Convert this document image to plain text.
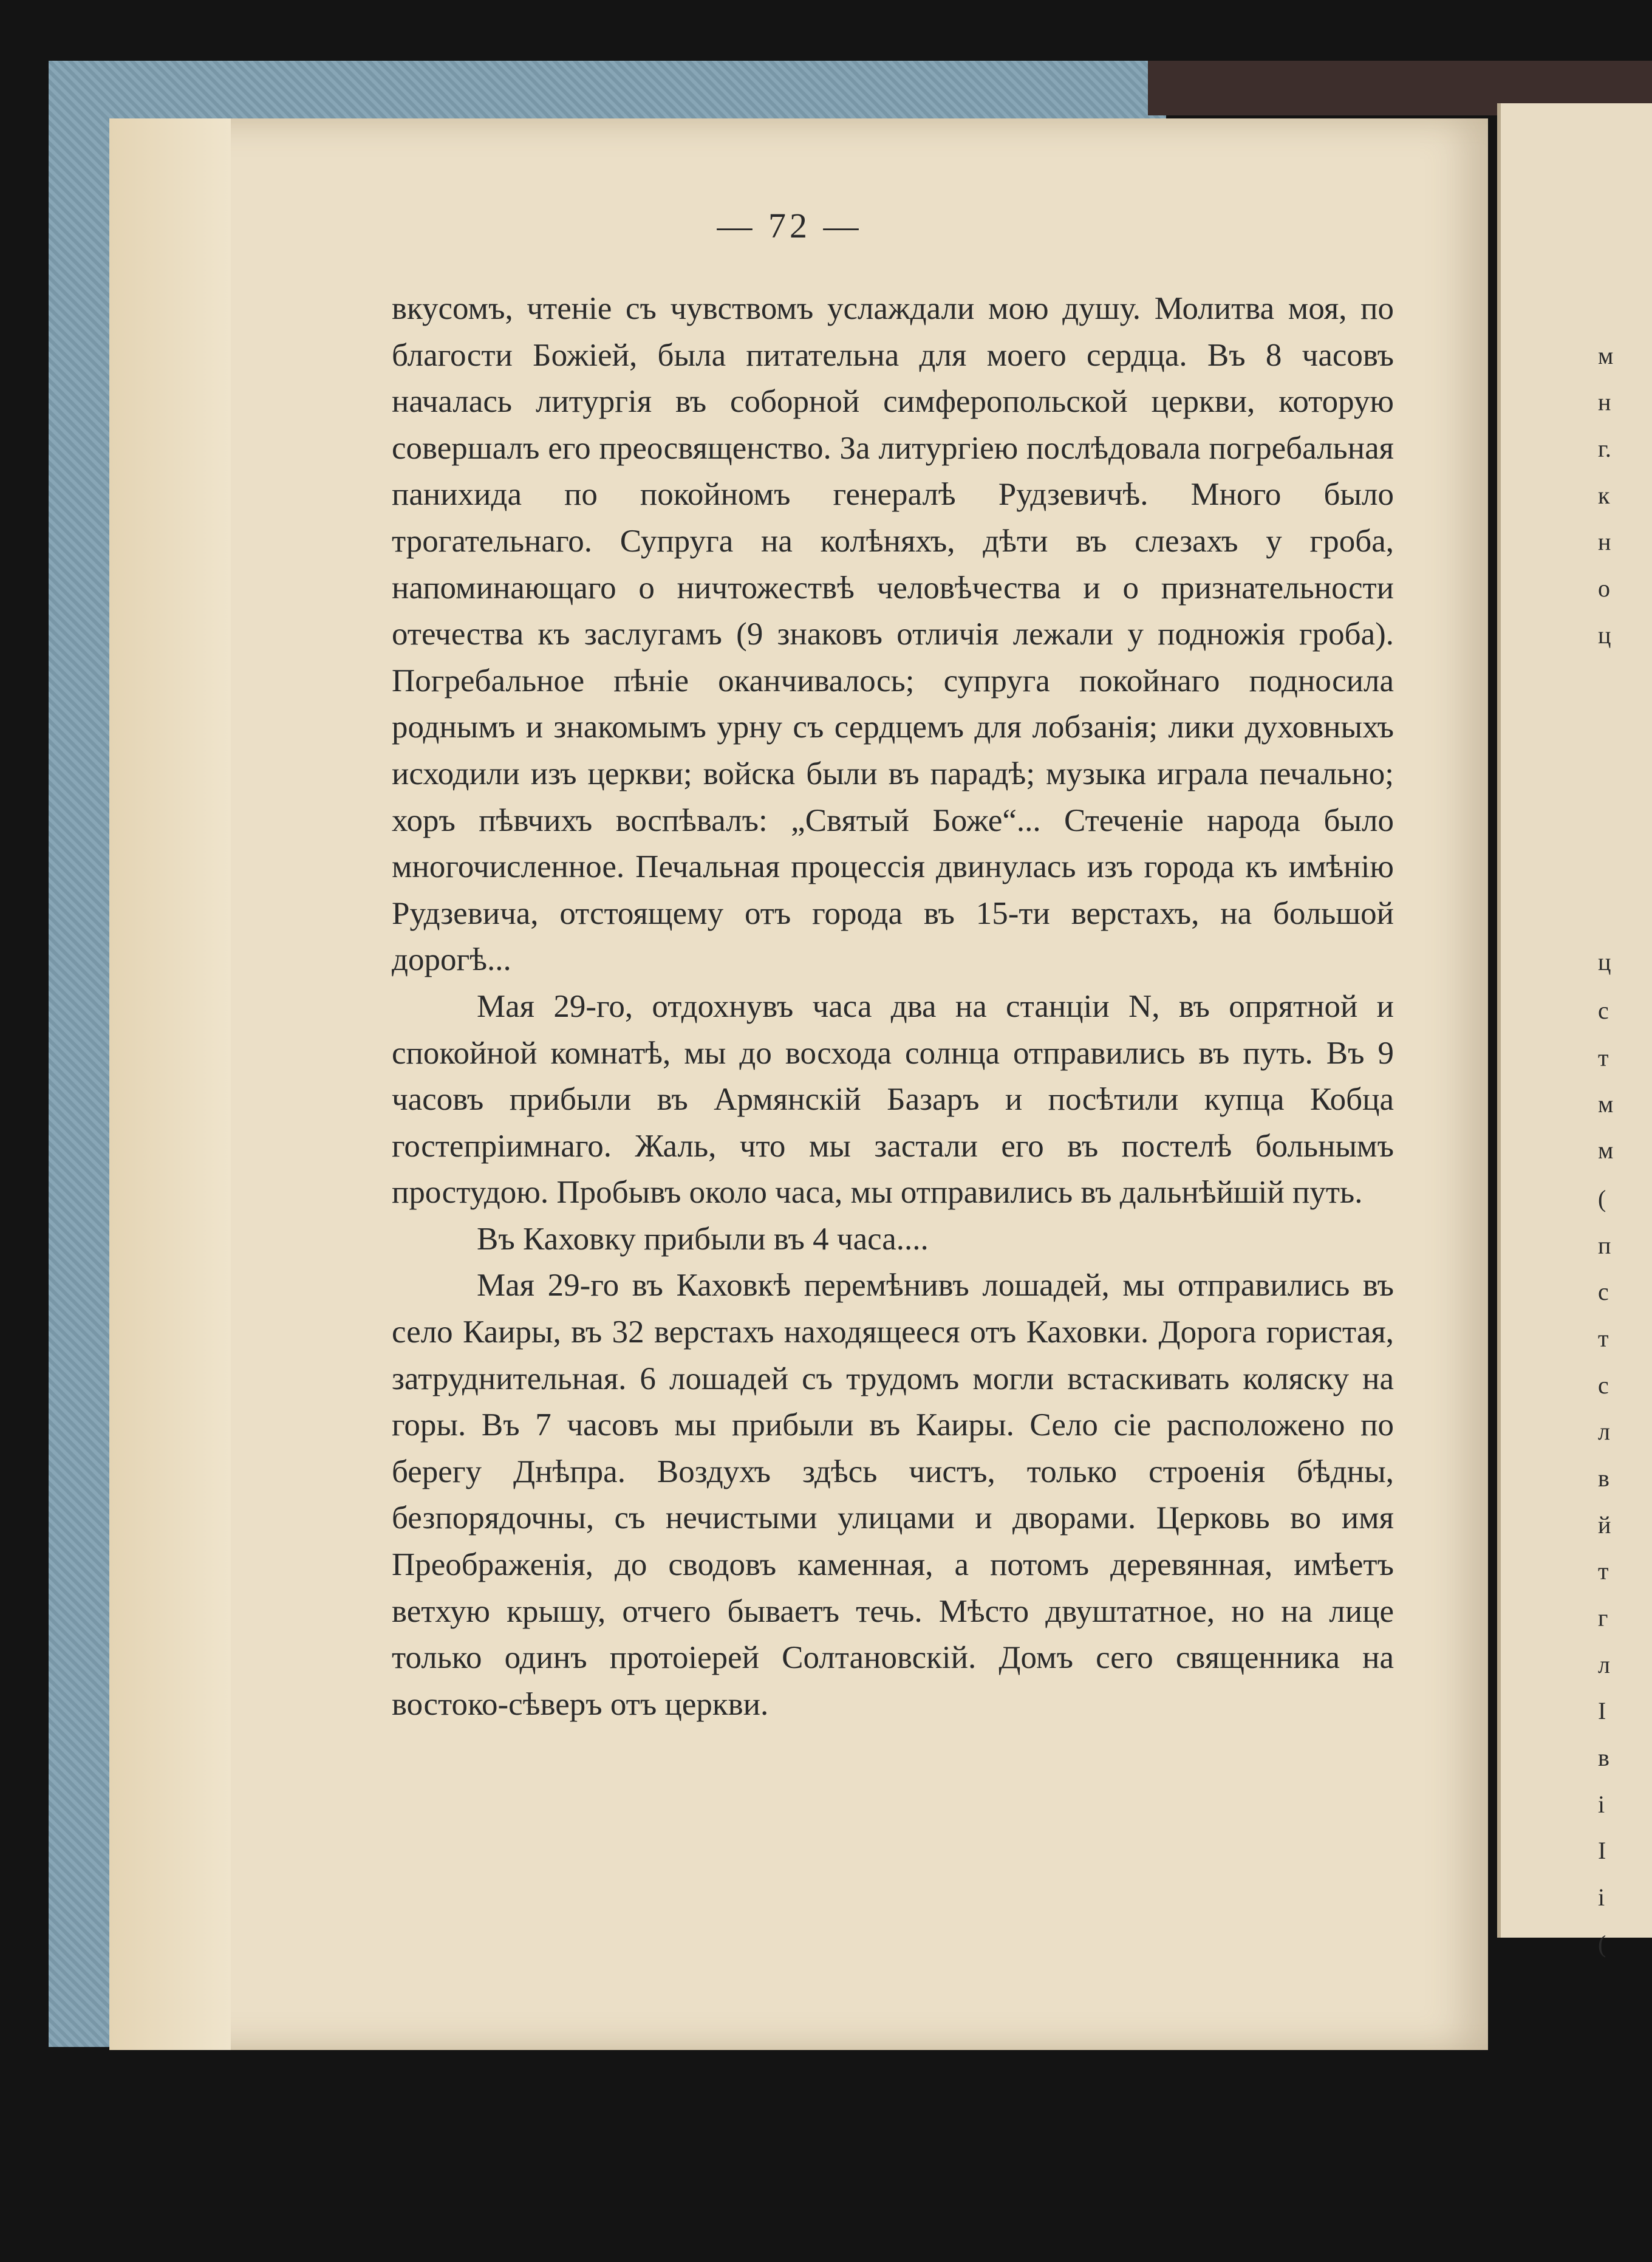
м
н
г.
к
н
о
ц
ц
с
т
м
м
(
п
с
т
с
л
в
й
т
г
л
І
в
і
І
і
(
— 72 —

вкусомъ, чтеніе съ чувствомъ услаждали мою душу. Молитва моя, по благости Божіей, была питательна для моего сердца. Въ 8 часовъ началась литургія въ соборной симферопольской церкви, которую совершалъ его преосвященство. За литургіею послѣдовала погребальная панихида по покойномъ генералѣ Рудзевичѣ. Много было трогательнаго. Супруга на колѣняхъ, дѣти въ слезахъ у гроба, напоминающаго о ничтожествѣ человѣчества и о признательности отечества къ заслугамъ (9 знаковъ отличія лежали у подножія гроба). Погребальное пѣніе оканчивалось; супруга покойнаго подносила роднымъ и знакомымъ урну съ сердцемъ для лобзанія; лики духовныхъ исходили изъ церкви; войска были въ парадѣ; музыка играла печально; хоръ пѣвчихъ воспѣвалъ: „Святый Боже“... Стеченіе народа было многочисленное. Печальная процессія двинулась изъ города къ имѣнію Рудзевича, отстоящему отъ города въ 15-ти верстахъ, на большой дорогѣ...

Мая 29-го, отдохнувъ часа два на станціи N, въ опрятной и спокойной комнатѣ, мы до восхода солнца отправились въ путь. Въ 9 часовъ прибыли въ Армянскій Базаръ и посѣтили купца Кобца гостепріимнаго. Жаль, что мы застали его въ постелѣ больнымъ простудою. Пробывъ около часа, мы отправились въ дальнѣйшій путь.

Въ Каховку прибыли въ 4 часа....

Мая 29-го въ Каховкѣ перемѣнивъ лошадей, мы отправились въ село Каиры, въ 32 верстахъ находящееся отъ Каховки. Дорога гористая, затруднительная. 6 лошадей съ трудомъ могли встаскивать коляску на горы. Въ 7 часовъ мы прибыли въ Каиры. Село сіе расположено по берегу Днѣпра. Воздухъ здѣсь чистъ, только строенія бѣдны, безпорядочны, съ нечистыми улицами и дворами. Церковь во имя Преображенія, до сводовъ каменная, а потомъ деревянная, имѣетъ ветхую крышу, отчего бываетъ течь. Мѣсто двуштатное, но на лице только одинъ протоіерей Солтановскій. Домъ сего священника на востоко-сѣверъ отъ церкви.
